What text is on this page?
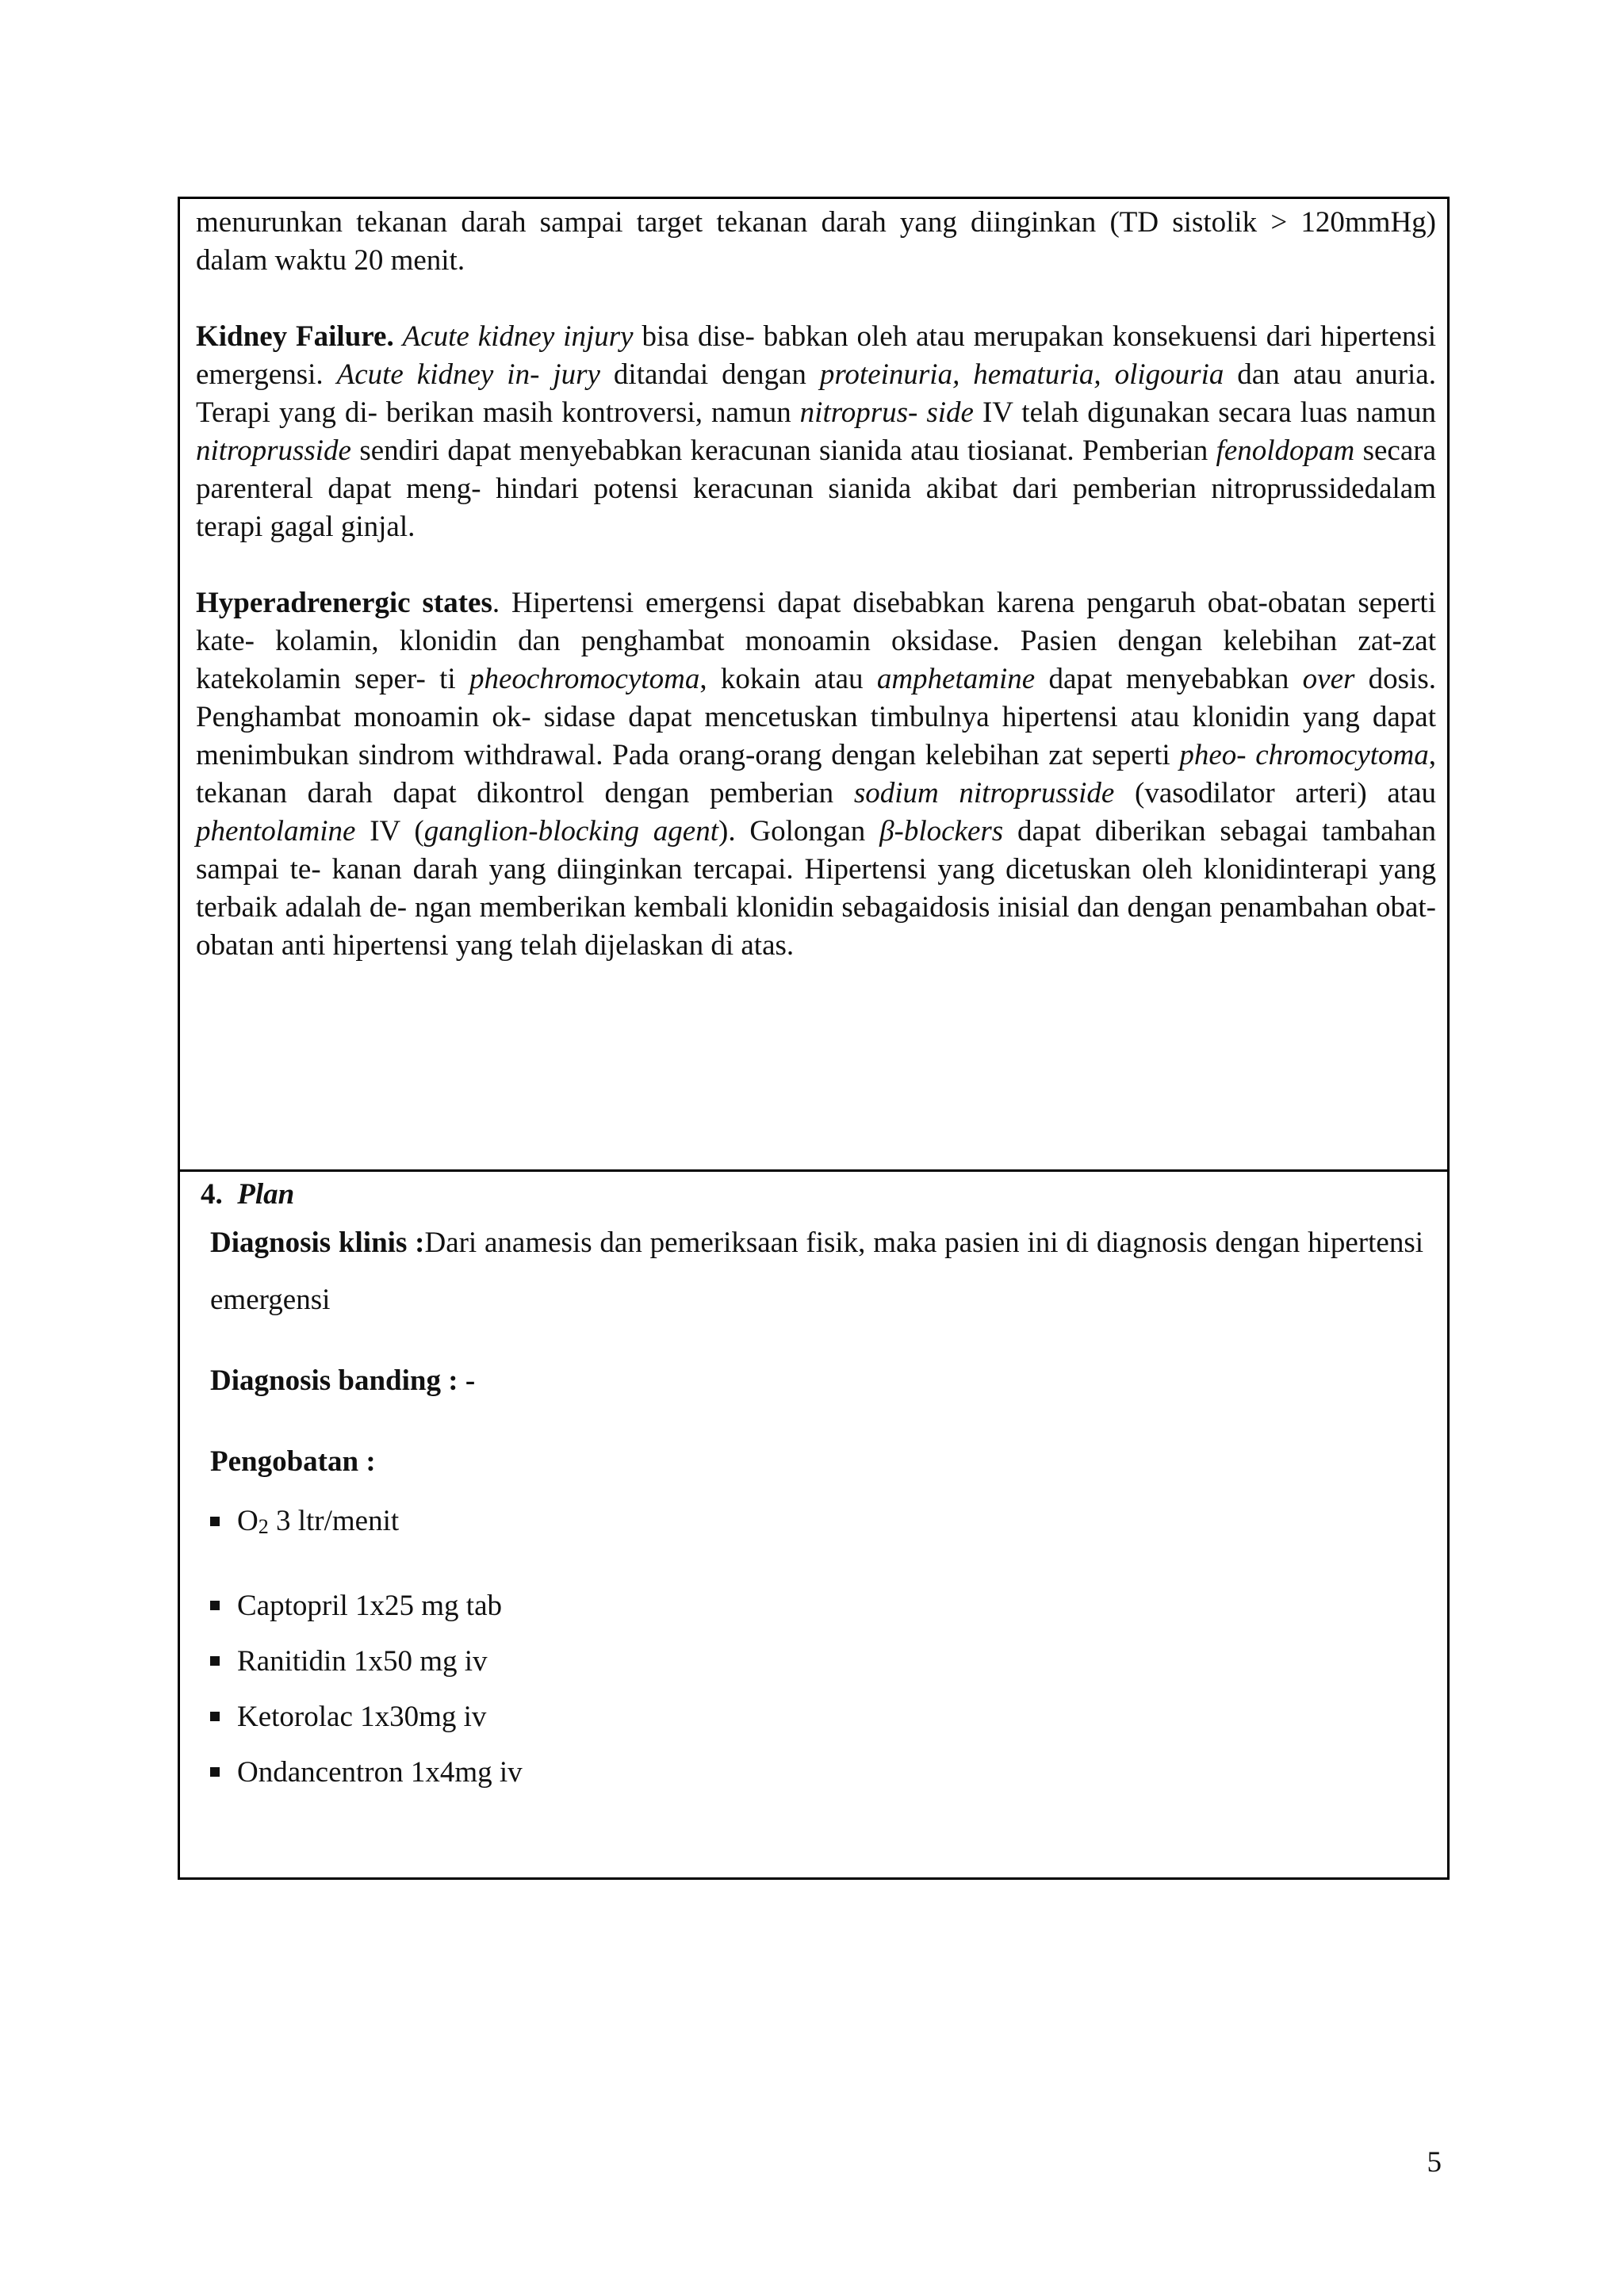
menurunkan tekanan darah sampai target tekanan darah yang diinginkan (TD sistolik > 120mmHg) dalam waktu 20 menit.

Kidney Failure. Acute kidney injury bisa dise- babkan oleh atau merupakan konsekuensi dari hipertensi emergensi. Acute kidney in- jury ditandai dengan proteinuria, hematuria, oligouria dan atau anuria. Terapi yang di- berikan masih kontroversi, namun nitroprus- side IV telah digunakan secara luas namun nitroprusside sendiri dapat menyebabkan keracunan sianida atau tiosianat. Pemberian fenoldopam secara parenteral dapat meng- hindari potensi keracunan sianida akibat dari pemberian nitroprussidedalam terapi gagal ginjal.

Hyperadrenergic states. Hipertensi emergensi dapat disebabkan karena pengaruh obat-obatan seperti kate- kolamin, klonidin dan penghambat monoamin oksidase. Pasien dengan kelebihan zat-zat katekolamin seper- ti pheochromocytoma, kokain atau amphetamine dapat menyebabkan over dosis. Penghambat monoamin ok- sidase dapat mencetuskan timbulnya hipertensi atau klonidin yang dapat menimbukan sindrom withdrawal. Pada orang-orang dengan kelebihan zat seperti pheo- chromocytoma, tekanan darah dapat dikontrol dengan pemberian sodium nitroprusside (vasodilator arteri) atau phentolamine IV (ganglion-blocking agent). Golongan β-blockers dapat diberikan sebagai tambahan sampai te- kanan darah yang diinginkan tercapai. Hipertensi yang dicetuskan oleh klonidinterapi yang terbaik adalah de- ngan memberikan kembali klonidin sebagaidosis inisial dan dengan penambahan obat-obatan anti hipertensi yang telah dijelaskan di atas.

4. Plan

Diagnosis klinis :Dari anamesis dan pemeriksaan fisik, maka pasien ini di diagnosis dengan hipertensi emergensi

Diagnosis banding : -

Pengobatan :

$O_2$ 3 ltr/menit
Captopril 1x25 mg tab
Ranitidin 1x50 mg iv
Ketorolac 1x30mg iv
Ondancentron 1x4mg iv
5
